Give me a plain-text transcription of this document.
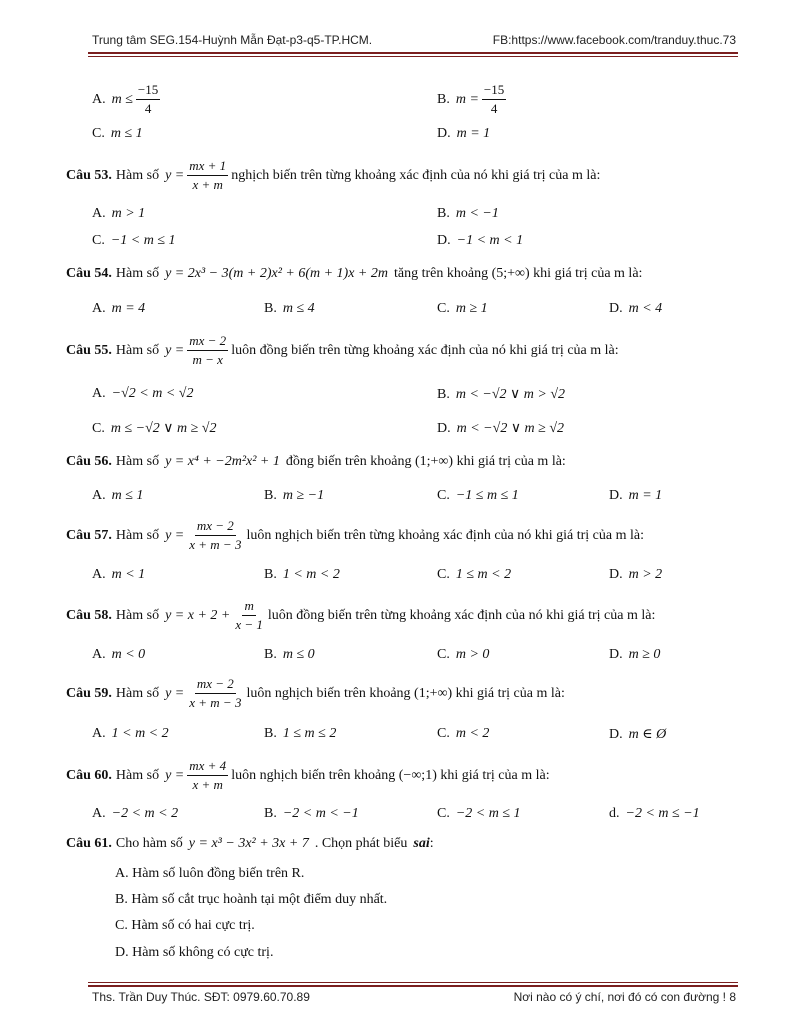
Trung tâm SEG.154-Huỳnh Mẫn Đạt-p3-q5-TP.HCM.	FB:https://www.facebook.com/tranduy.thuc.73
A. $m \le \frac{-15}{4}$	B. $m = \frac{-15}{4}$
C. m ≤ 1	D. m = 1
Câu 53. Hàm số $y = \frac{mx + 1}{x + m}$ nghịch biến trên từng khoảng xác định của nó khi giá trị của m là:
A. m > 1	B. m < −1
C. −1 < m ≤ 1	D. −1 < m < 1
Câu 54. Hàm số y = 2x³ − 3(m + 2)x² + 6(m + 1)x + 2m tăng trên khoảng (5;+∞) khi giá trị của m là:
A. m = 4	B. m ≤ 4	C. m ≥ 1	D. m < 4
Câu 55. Hàm số $y = \frac{mx - 2}{m - x}$ luôn đồng biến trên từng khoảng xác định của nó khi giá trị của m là:
A. −√2 < m < √2	B. m < −√2 ∨ m > √2
C. m ≤ −√2 ∨ m ≥ √2	D. m < −√2 ∨ m ≥ √2
Câu 56. Hàm số y = x⁴ + −2m²x² + 1 đồng biến trên khoảng (1;+∞) khi giá trị của m là:
A. m ≤ 1	B. m ≥ −1	C. −1 ≤ m ≤ 1	D. m = 1
Câu 57. Hàm số $y = \frac{mx - 2}{x + m - 3}$ luôn nghịch biến trên từng khoảng xác định của nó khi giá trị của m là:
A. m < 1	B. 1 < m < 2	C. 1 ≤ m < 2	D. m > 2
Câu 58. Hàm số $y = x + 2 + \frac{m}{x - 1}$ luôn đồng biến trên từng khoảng xác định của nó khi giá trị của m là:
A. m < 0	B. m ≤ 0	C. m > 0	D. m ≥ 0
Câu 59. Hàm số $y = \frac{mx - 2}{x + m - 3}$ luôn nghịch biến trên khoảng (1;+∞) khi giá trị của m là:
A. 1 < m < 2	B. 1 ≤ m ≤ 2	C. m < 2	D. m ∈ Ø
Câu 60. Hàm số $y = \frac{mx + 4}{x + m}$ luôn nghịch biến trên khoảng (−∞;1) khi giá trị của m là:
A. −2 < m < 2	B. −2 < m < −1	C. −2 < m ≤ 1	d. −2 < m ≤ −1
Câu 61. Cho hàm số y = x³ − 3x² + 3x + 7 . Chọn phát biểu sai :
A. Hàm số luôn đồng biến trên R.
B. Hàm số cắt trục hoành tại một điểm duy nhất.
C. Hàm số có hai cực trị.
D. Hàm số không có cực trị.
Ths. Trần Duy Thúc. SĐT: 0979.60.70.89	Nơi nào có ý chí, nơi đó có con đường ! 8
